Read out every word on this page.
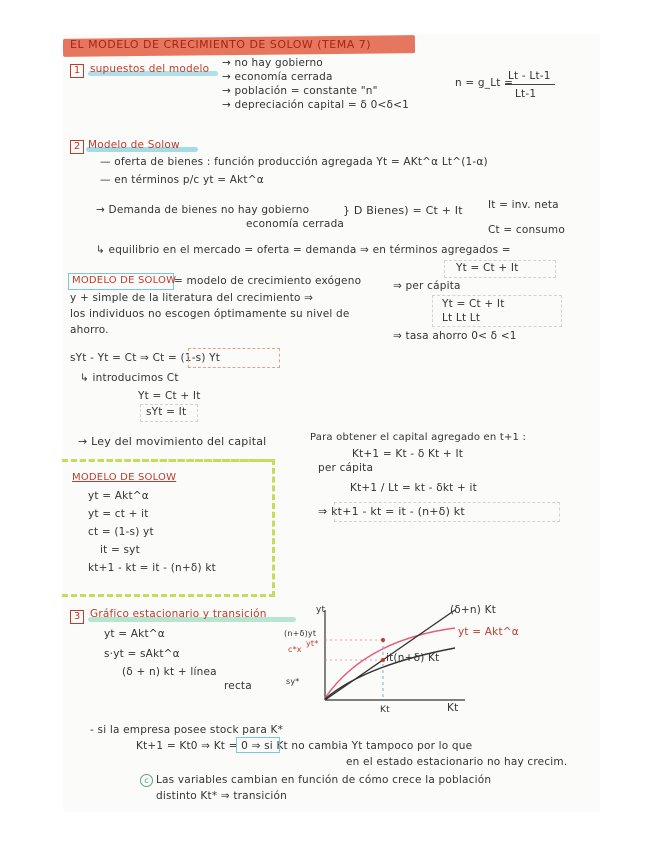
EL MODELO DE CRECIMIENTO DE SOLOW (TEMA 7)
1 supuestos del modelo → no hay gobierno
→ economía cerrada
→ población = constante "n"
→ depreciación capital = δ 0<δ<1
n = g_Lt =
Lt - Lt-1
Lt-1
2 Modelo de Solow
— oferta de bienes : función producción agregada Yt = AKt^α Lt^(1-α)
— en términos p/c yt = Akt^α
→ Demanda de bienes no hay gobierno
economía cerrada
} D Bienes) = Ct + It It = inv. neta
Ct = consumo
↳ equilibrio en el mercado = oferta = demanda ⇒ en términos agregados =
Yt = Ct + It
⇒ per cápita
Yt = Ct + It
Lt Lt Lt
⇒ tasa ahorro 0< δ <1
MODELO DE SOLOW
= modelo de crecimiento exógeno
y + simple de la literatura del crecimiento ⇒
los individuos no escogen óptimamente su nivel de
ahorro.
sYt - Yt = Ct ⇒ Ct = (1-s) Yt
↳ introducimos Ct
Yt = Ct + It
sYt = It
→ Ley del movimiento del capital	Para obtener el capital agregado en t+1 :
Kt+1 = Kt - δ Kt + It
per cápita
Kt+1 / Lt = kt - δkt + it
⇒ kt+1 - kt = it - (n+δ) kt
MODELO DE SOLOW
yt = Akt^α
yt = ct + it
ct = (1-s) yt
it = syt
kt+1 - kt = it - (n+δ) kt
3 Gráfico estacionario y transición
yt = Akt^α
s·yt = sAkt^α
(δ + n) kt + línea
recta
yt	(δ+n) Kt
yt = Akt^α
(n+δ)yt
c*x
yt*
it(n+δ) Kt
sy*
Kt	Kt
- si la empresa posee stock para K*
Kt+1 = Kt0 ⇒ Kt = 0 ⇒ si Kt no cambia Yt tampoco por lo que
en el estado estacionario no hay crecim.
c Las variables cambian en función de cómo crece la población
distinto Kt* ⇒ transición
